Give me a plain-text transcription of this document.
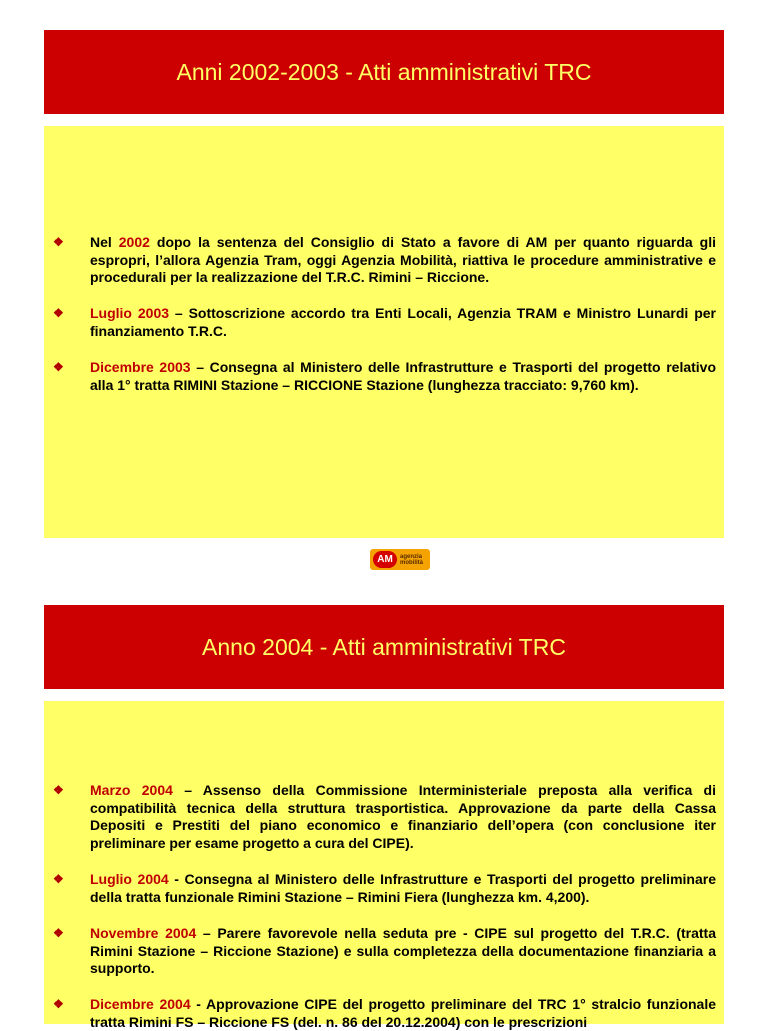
Anni 2002-2003 - Atti amministrativi TRC
❖ Nel 2002 dopo la sentenza del Consiglio di Stato a favore di AM per quanto riguarda gli espropri, l’allora Agenzia Tram, oggi Agenzia Mobilità, riattiva le procedure amministrative e procedurali per la realizzazione del T.R.C. Rimini – Riccione.
❖ Luglio 2003 – Sottoscrizione accordo tra Enti Locali, Agenzia TRAM e Ministro Lunardi per finanziamento T.R.C.
❖ Dicembre 2003 – Consegna al Ministero delle Infrastrutture e Trasporti del progetto relativo alla 1° tratta RIMINI Stazione – RICCIONE Stazione (lunghezza tracciato: 9,760 km).
AM	agenzia
mobilità
Anno 2004 - Atti amministrativi TRC
❖ Marzo 2004 – Assenso della Commissione Interministeriale preposta alla verifica di compatibilità tecnica della struttura trasportistica. Approvazione da parte della Cassa Depositi e Prestiti del piano economico e finanziario dell’opera (con conclusione iter preliminare per esame progetto a cura del CIPE).
❖ Luglio 2004 - Consegna al Ministero delle Infrastrutture e Trasporti del progetto preliminare della tratta funzionale Rimini Stazione – Rimini Fiera (lunghezza km. 4,200).
❖ Novembre 2004 – Parere favorevole nella seduta pre - CIPE sul progetto del T.R.C. (tratta Rimini Stazione – Riccione Stazione) e sulla completezza della documentazione finanziaria a supporto.
❖ Dicembre 2004 - Approvazione CIPE del progetto preliminare del TRC 1° stralcio funzionale tratta Rimini FS – Riccione FS (del. n. 86 del 20.12.2004) con le prescrizioni
